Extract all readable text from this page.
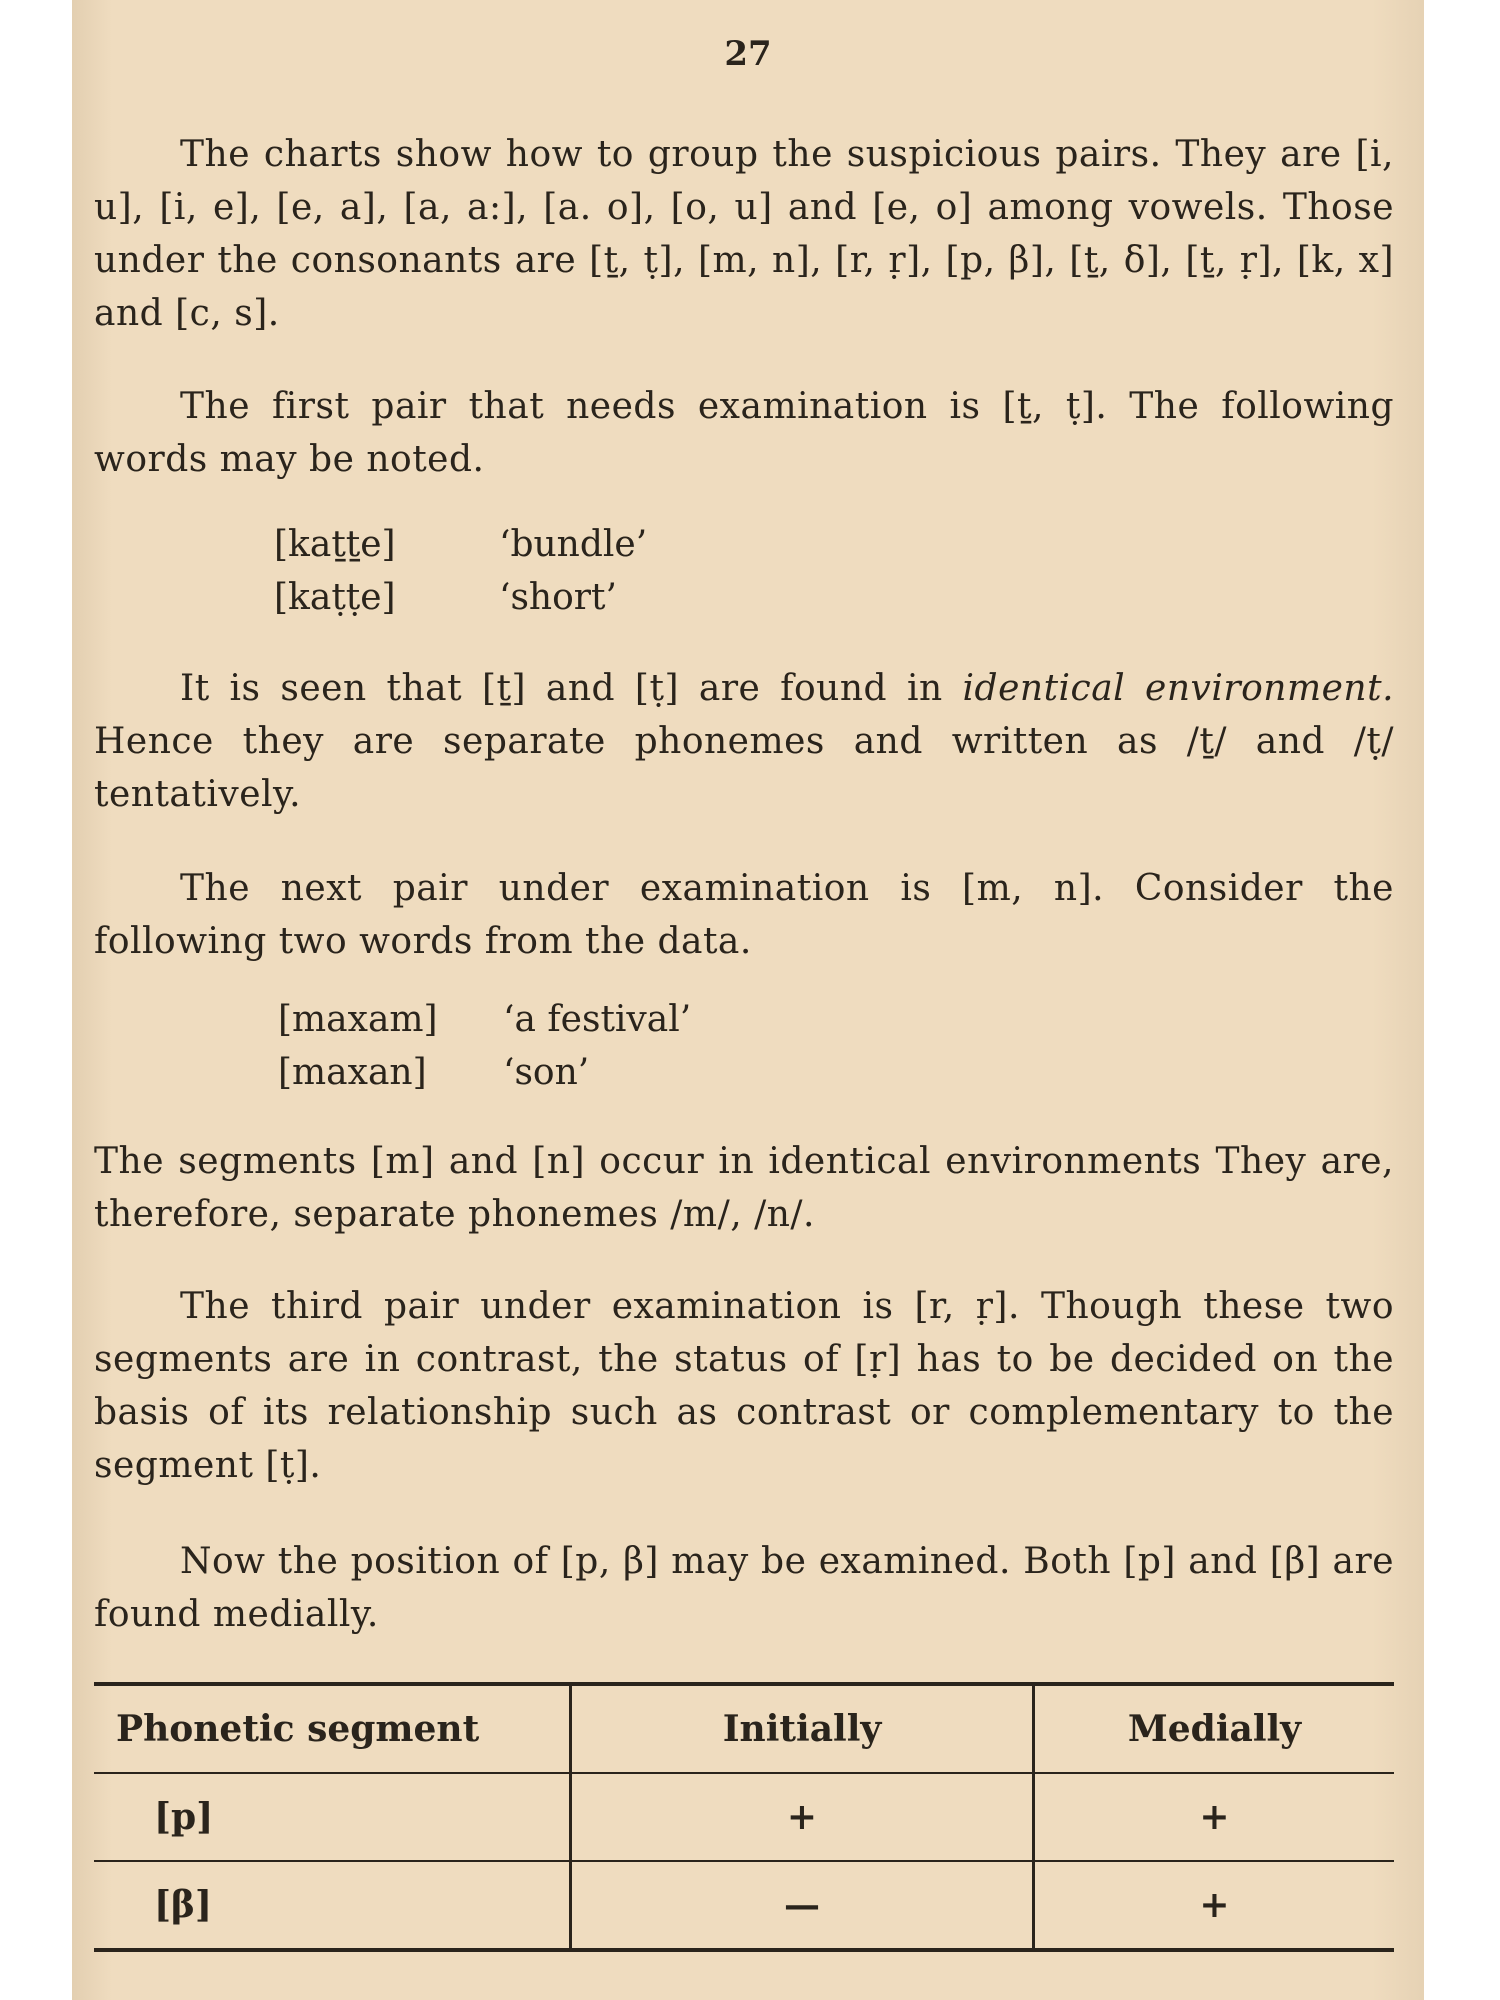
27
The charts show how to group the suspicious pairs. They are [i, u], [i, e], [e, a], [a, a:], [a. o], [o, u] and [e, o] among vowels. Those under the consonants are [ṯ, ṭ], [m, n], [r, ṛ], [p, β], [ṯ, δ], [ṯ, ṛ], [k, x] and [c, s].
The first pair that needs examination is [ṯ, ṭ]. The following words may be noted.
[kaṯṯe]	‘bundle’
[kaṭṭe]	‘short’
It is seen that [ṯ] and [ṭ] are found in identical environment. Hence they are separate phonemes and written as /ṯ/ and /ṭ/ tentatively.
The next pair under examination is [m, n]. Consider the following two words from the data.
[maxam] ‘a festival’
[maxan] ‘son’
The segments [m] and [n] occur in identical environments They are, therefore, separate phonemes /m/, /n/.
The third pair under examination is [r, ṛ]. Though these two segments are in contrast, the status of [ṛ] has to be decided on the basis of its relationship such as contrast or complementary to the segment [ṭ].
Now the position of [p, β] may be examined. Both [p] and [β] are found medially.
Phonetic segment	Initially	Medially
[p]	+	+
[β]	—	+
